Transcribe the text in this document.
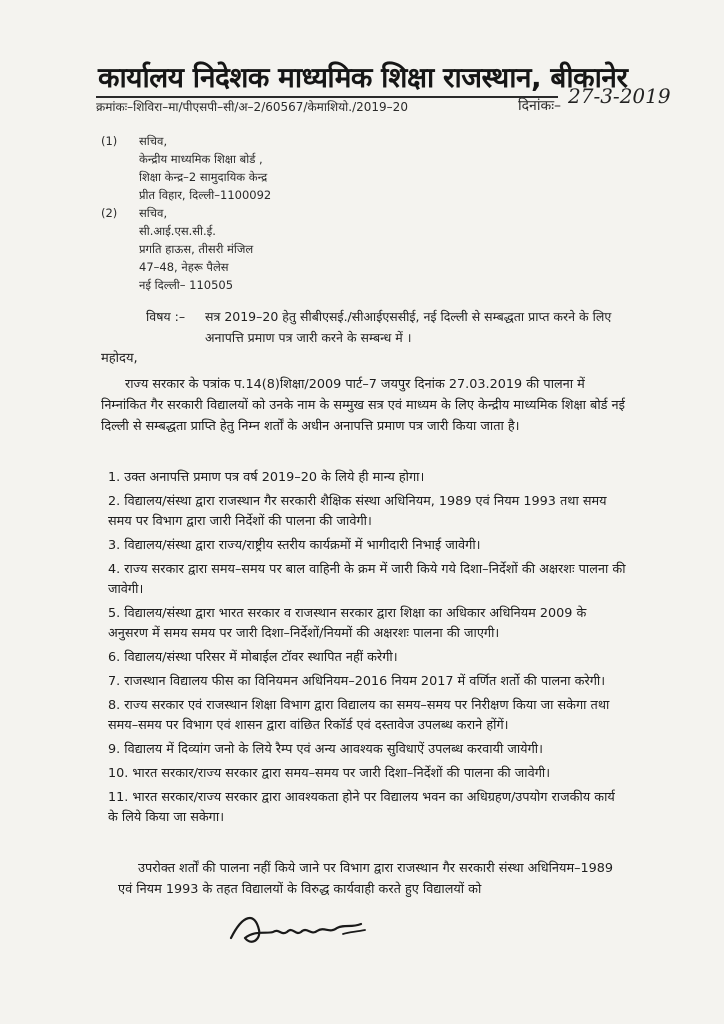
कार्यालय निदेशक माध्यमिक शिक्षा राजस्थान, बीकानेर
क्रमांकः–शिविरा–मा/पीएसपी–सी/अ–2/60567/केमाशियो./2019–20	दिनांकः– 27-3-2019
(1) सचिव,
केन्द्रीय माध्यमिक शिक्षा बोर्ड ,
शिक्षा केन्द्र–2 सामुदायिक केन्द्र
प्रीत विहार, दिल्ली–1100092
(2) सचिव,
सी.आई.एस.सी.ई.
प्रगति हाऊस, तीसरी मंजिल
47–48, नेहरू पैलेस
नई दिल्ली– 110505
विषय :– सत्र 2019–20 हेतु सीबीएसई./सीआईएससीई, नई दिल्ली से सम्बद्धता प्राप्त करने के लिए अनापत्ति प्रमाण पत्र जारी करने के सम्बन्ध में ।
महोदय,

राज्य सरकार के पत्रांक प.14(8)शिक्षा/2009 पार्ट–7 जयपुर दिनांक 27.03.2019 की पालना में निम्नांकित गैर सरकारी विद्यालयों को उनके नाम के सम्मुख सत्र एवं माध्यम के लिए केन्द्रीय माध्यमिक शिक्षा बोर्ड नई दिल्ली से सम्बद्धता प्राप्ति हेतु निम्न शर्तों के अधीन अनापत्ति प्रमाण पत्र जारी किया जाता है।

1. उक्त अनापत्ति प्रमाण पत्र वर्ष 2019–20 के लिये ही मान्य होगा।
2. विद्यालय/संस्था द्वारा राजस्थान गैर सरकारी शैक्षिक संस्था अधिनियम, 1989 एवं नियम 1993 तथा समय समय पर विभाग द्वारा जारी निर्देशों की पालना की जावेगी।
3. विद्यालय/संस्था द्वारा राज्य/राष्ट्रीय स्तरीय कार्यक्रमों में भागीदारी निभाई जावेगी।
4. राज्य सरकार द्वारा समय–समय पर बाल वाहिनी के क्रम में जारी किये गये दिशा–निर्देशों की अक्षरशः पालना की जावेगी।
5. विद्यालय/संस्था द्वारा भारत सरकार व राजस्थान सरकार द्वारा शिक्षा का अधिकार अधिनियम 2009 के अनुसरण में समय समय पर जारी दिशा–निर्देशों/नियमों की अक्षरशः पालना की जाएगी।
6. विद्यालय/संस्था परिसर में मोबाईल टॉवर स्थापित नहीं करेगी।
7. राजस्थान विद्यालय फीस का विनियमन अधिनियम–2016 नियम 2017 में वर्णित शर्तो की पालना करेगी।
8. राज्य सरकार एवं राजस्थान शिक्षा विभाग द्वारा विद्यालय का समय–समय पर निरीक्षण किया जा सकेगा तथा समय–समय पर विभाग एवं शासन द्वारा वांछित रिकॉर्ड एवं दस्तावेज उपलब्ध कराने होंगें।
9. विद्यालय में दिव्यांग जनो के लिये रैम्प एवं अन्य आवश्यक सुविधाऐं उपलब्ध करवायी जायेगी।
10. भारत सरकार/राज्य सरकार द्वारा समय–समय पर जारी दिशा–निर्देशों की पालना की जावेगी।
11. भारत सरकार/राज्य सरकार द्वारा आवश्यकता होने पर विद्यालय भवन का अधिग्रहण/उपयोग राजकीय कार्य के लिये किया जा सकेगा।

उपरोक्त शर्तों की पालना नहीं किये जाने पर विभाग द्वारा राजस्थान गैर सरकारी संस्था अधिनियम–1989 एवं नियम 1993 के तहत विद्यालयों के विरुद्ध कार्यवाही करते हुए विद्यालयों को
